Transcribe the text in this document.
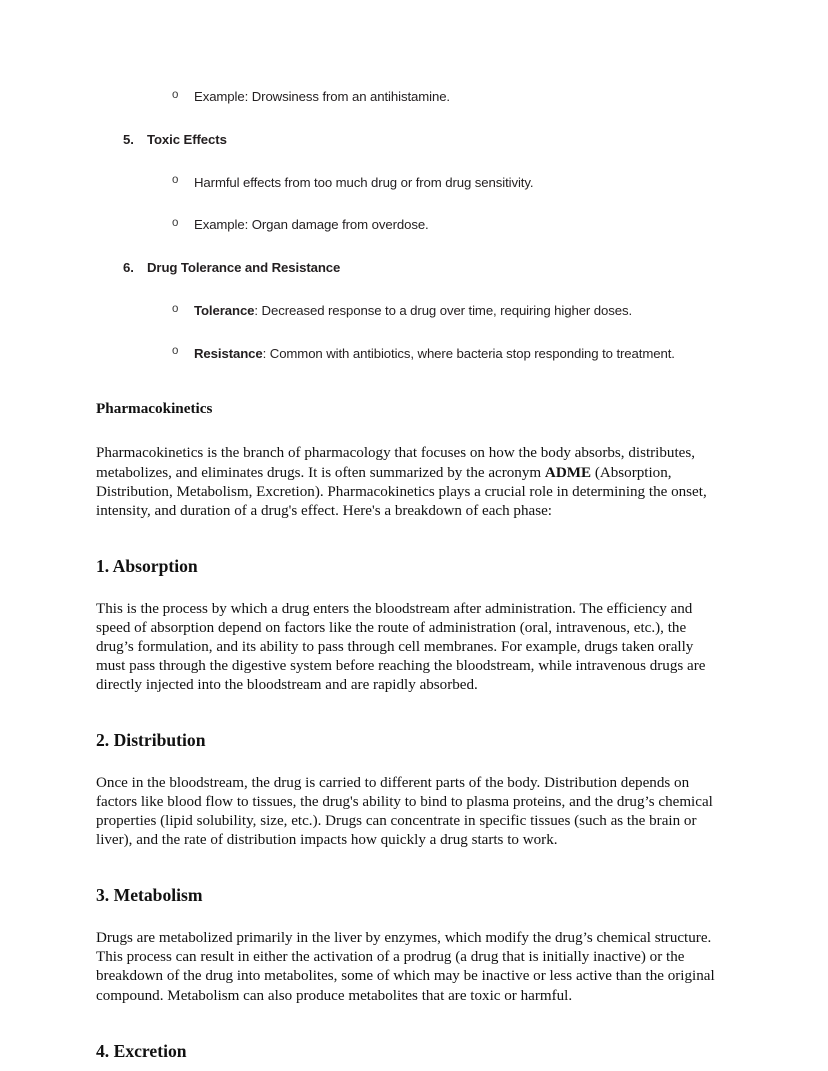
o Example: Drowsiness from an antihistamine.
5. Toxic Effects
o Harmful effects from too much drug or from drug sensitivity.
o Example: Organ damage from overdose.
6. Drug Tolerance and Resistance
o Tolerance: Decreased response to a drug over time, requiring higher doses.
o Resistance: Common with antibiotics, where bacteria stop responding to treatment.
Pharmacokinetics

Pharmacokinetics is the branch of pharmacology that focuses on how the body absorbs, distributes, metabolizes, and eliminates drugs. It is often summarized by the acronym ADME (Absorption, Distribution, Metabolism, Excretion). Pharmacokinetics plays a crucial role in determining the onset, intensity, and duration of a drug's effect. Here's a breakdown of each phase:

1. Absorption

This is the process by which a drug enters the bloodstream after administration. The efficiency and speed of absorption depend on factors like the route of administration (oral, intravenous, etc.), the drug’s formulation, and its ability to pass through cell membranes. For example, drugs taken orally must pass through the digestive system before reaching the bloodstream, while intravenous drugs are directly injected into the bloodstream and are rapidly absorbed.

2. Distribution

Once in the bloodstream, the drug is carried to different parts of the body. Distribution depends on factors like blood flow to tissues, the drug's ability to bind to plasma proteins, and the drug’s chemical properties (lipid solubility, size, etc.). Drugs can concentrate in specific tissues (such as the brain or liver), and the rate of distribution impacts how quickly a drug starts to work.

3. Metabolism

Drugs are metabolized primarily in the liver by enzymes, which modify the drug’s chemical structure. This process can result in either the activation of a prodrug (a drug that is initially inactive) or the breakdown of the drug into metabolites, some of which may be inactive or less active than the original compound. Metabolism can also produce metabolites that are toxic or harmful.

4. Excretion
